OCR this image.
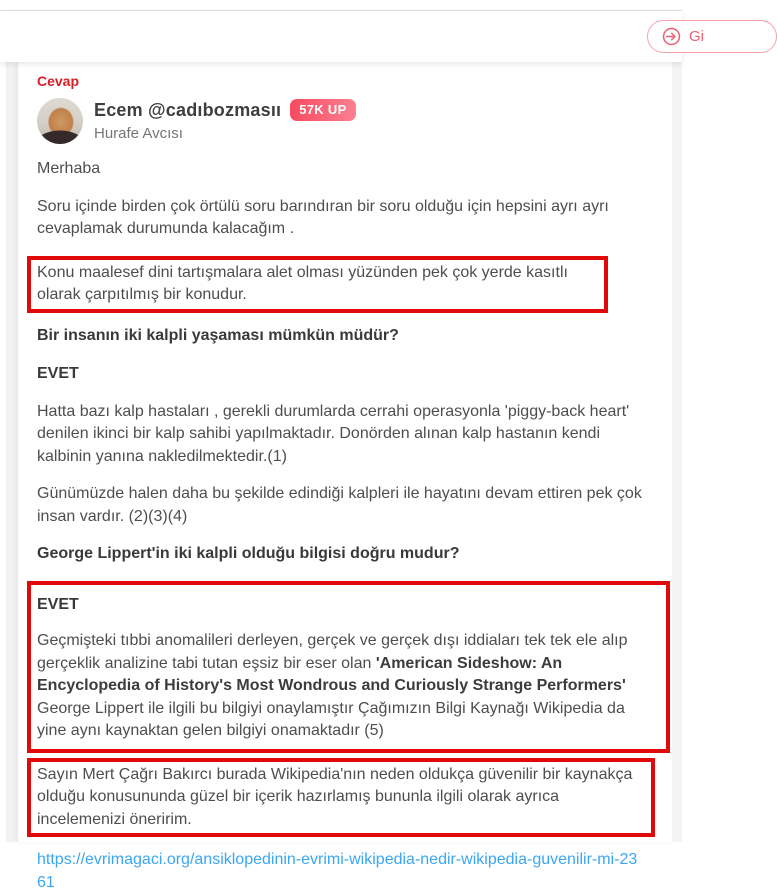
Gi
Cevap
Ecem @cadıbozmasıı	57K UP
Hurafe Avcısı

Merhaba

Soru içinde birden çok örtülü soru barındıran bir soru olduğu için hepsini ayrı ayrı cevaplamak durumunda kalacağım .

Konu maalesef dini tartışmalara alet olması yüzünden pek çok yerde kasıtlı olarak çarpıtılmış bir konudur.

Bir insanın iki kalpli yaşaması mümkün müdür?
EVET

Hatta bazı kalp hastaları , gerekli durumlarda cerrahi operasyonla 'piggy-back heart' denilen ikinci bir kalp sahibi yapılmaktadır. Donörden alınan kalp hastanın kendi kalbinin yanına nakledilmektedir.(1)

Günümüzde halen daha bu şekilde edindiği kalpleri ile hayatını devam ettiren pek çok insan vardır. (2)(3)(4)

George Lippert'in iki kalpli olduğu bilgisi doğru mudur?
EVET

Geçmişteki tıbbi anomalileri derleyen, gerçek ve gerçek dışı iddiaları tek tek ele alıp gerçeklik analizine tabi tutan eşsiz bir eser olan 'American Sideshow: An Encyclopedia of History's Most Wondrous and Curiously Strange Performers' George Lippert ile ilgili bu bilgiyi onaylamıştır Çağımızın Bilgi Kaynağı Wikipedia da yine aynı kaynaktan gelen bilgiyi onamaktadır (5)

Sayın Mert Çağrı Bakırcı burada Wikipedia'nın neden oldukça güvenilir bir kaynakça olduğu konusununda güzel bir içerik hazırlamış bununla ilgili olarak ayrıca incelemenizi öneririm.

https://evrimagaci.org/ansiklopedinin-evrimi-wikipedia-nedir-wikipedia-guvenilir-mi-2361
